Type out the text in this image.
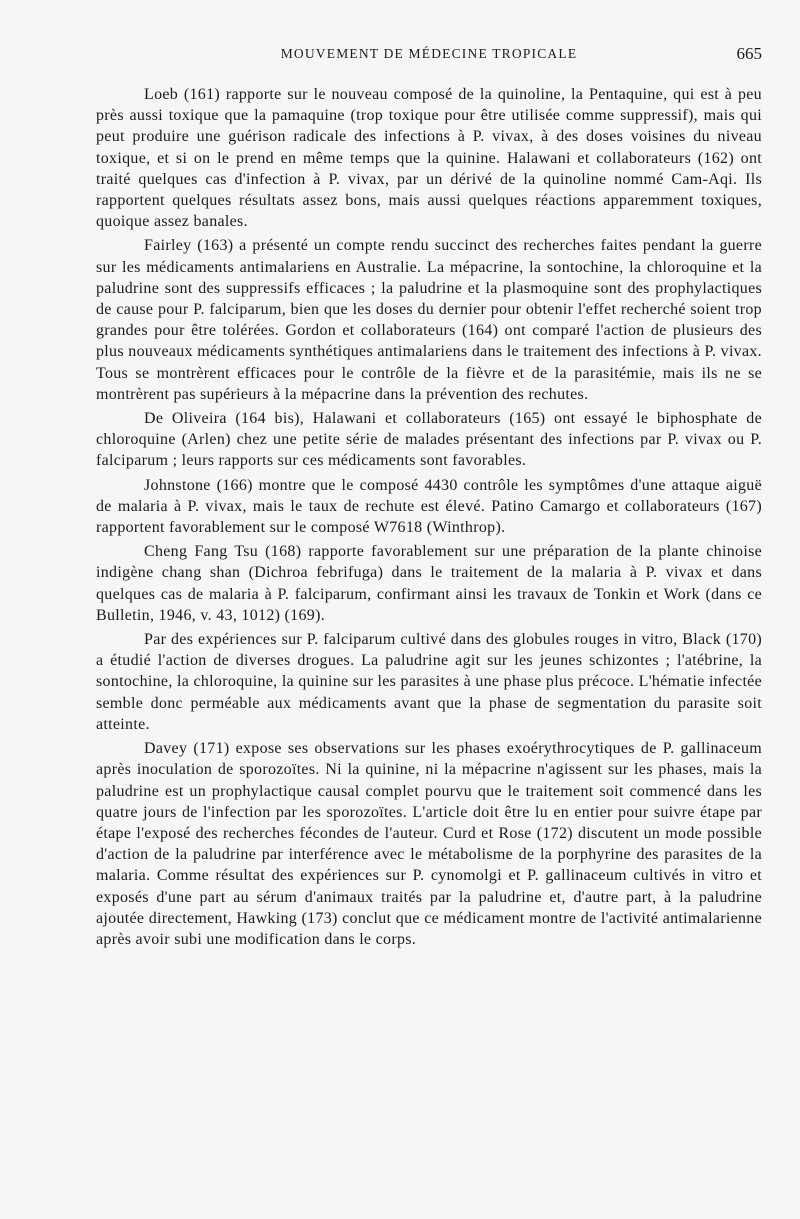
MOUVEMENT DE MÉDECINE TROPICALE	665

Loeb (161) rapporte sur le nouveau composé de la quinoline, la Pentaquine, qui est à peu près aussi toxique que la pamaquine (trop toxique pour être utilisée comme suppressif), mais qui peut produire une guérison radicale des infections à P. vivax, à des doses voisines du niveau toxique, et si on le prend en même temps que la quinine. Halawani et collaborateurs (162) ont traité quelques cas d'infection à P. vivax, par un dérivé de la quinoline nommé Cam-Aqi. Ils rapportent quelques résultats assez bons, mais aussi quelques réactions apparemment toxiques, quoique assez banales.

Fairley (163) a présenté un compte rendu succinct des recherches faites pendant la guerre sur les médicaments antimalariens en Australie. La mépacrine, la sontochine, la chloroquine et la paludrine sont des suppressifs efficaces ; la paludrine et la plasmoquine sont des prophylactiques de cause pour P. falciparum, bien que les doses du dernier pour obtenir l'effet recherché soient trop grandes pour être tolérées. Gordon et collaborateurs (164) ont comparé l'action de plusieurs des plus nouveaux médicaments synthétiques antimalariens dans le traitement des infections à P. vivax. Tous se montrèrent efficaces pour le contrôle de la fièvre et de la parasitémie, mais ils ne se montrèrent pas supérieurs à la mépacrine dans la prévention des rechutes.

De Oliveira (164 bis), Halawani et collaborateurs (165) ont essayé le biphosphate de chloroquine (Arlen) chez une petite série de malades présentant des infections par P. vivax ou P. falciparum ; leurs rapports sur ces médicaments sont favorables.

Johnstone (166) montre que le composé 4430 contrôle les symptômes d'une attaque aiguë de malaria à P. vivax, mais le taux de rechute est élevé. Patino Camargo et collaborateurs (167) rapportent favorablement sur le composé W7618 (Winthrop).

Cheng Fang Tsu (168) rapporte favorablement sur une préparation de la plante chinoise indigène chang shan (Dichroa febrifuga) dans le traitement de la malaria à P. vivax et dans quelques cas de malaria à P. falciparum, confirmant ainsi les travaux de Tonkin et Work (dans ce Bulletin, 1946, v. 43, 1012) (169).

Par des expériences sur P. falciparum cultivé dans des globules rouges in vitro, Black (170) a étudié l'action de diverses drogues. La paludrine agit sur les jeunes schizontes ; l'atébrine, la sontochine, la chloroquine, la quinine sur les parasites à une phase plus précoce. L'hématie infectée semble donc perméable aux médicaments avant que la phase de segmentation du parasite soit atteinte.

Davey (171) expose ses observations sur les phases exoérythrocytiques de P. gallinaceum après inoculation de sporozoïtes. Ni la quinine, ni la mépacrine n'agissent sur les phases, mais la paludrine est un prophylactique causal complet pourvu que le traitement soit commencé dans les quatre jours de l'infection par les sporozoïtes. L'article doit être lu en entier pour suivre étape par étape l'exposé des recherches fécondes de l'auteur. Curd et Rose (172) discutent un mode possible d'action de la paludrine par interférence avec le métabolisme de la porphyrine des parasites de la malaria. Comme résultat des expériences sur P. cynomolgi et P. gallinaceum cultivés in vitro et exposés d'une part au sérum d'animaux traités par la paludrine et, d'autre part, à la paludrine ajoutée directement, Hawking (173) conclut que ce médicament montre de l'activité antimalarienne après avoir subi une modification dans le corps.
